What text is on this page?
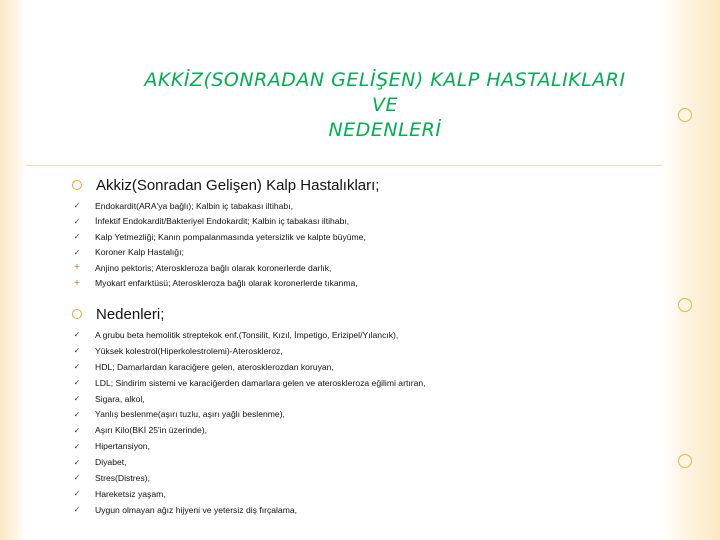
AKKİZ(SONRADAN GELİŞEN) KALP HASTALIKLARI
VE
NEDENLERİ
Akkiz(Sonradan Gelişen) Kalp Hastalıkları;
✓ Endokardit(ARA'ya bağlı); Kalbin iç tabakası iltihabı,
✓ İnfektif Endokardit/Bakteriyel Endokardit; Kalbin iç tabakası iltihabı,
✓ Kalp Yetmezliği; Kanın pompalanmasında yetersizlik ve kalpte büyüme,
✓ Koroner Kalp Hastalığı;
+ Anjino pektoris; Ateroskleroza bağlı olarak koronerlerde darlık,
+ Myokart enfarktüsü; Ateroskleroza bağlı olarak koronerlerde tıkanma,
Nedenleri;
✓ A grubu beta hemolitik streptekok enf.(Tonsilit, Kızıl, İmpetigo, Erizipel/Yılancık),
✓ Yüksek kolestrol(Hiperkolestrolemi)-Ateroskleroz,
✓ HDL; Damarlardan karaciğere gelen, aterosklerozdan koruyan,
✓ LDL; Sindirim sistemi ve karaciğerden damarlara gelen ve ateroskleroza eğilimi artıran,
✓ Sigara, alkol,
✓ Yanlış beslenme(aşırı tuzlu, aşırı yağlı beslenme),
✓ Aşırı Kilo(BKİ 25'in üzerinde),
✓ Hipertansiyon,
✓ Diyabet,
✓ Stres(Distres),
✓ Hareketsiz yaşam,
✓ Uygun olmayan ağız hijyeni ve yetersiz diş fırçalama,
